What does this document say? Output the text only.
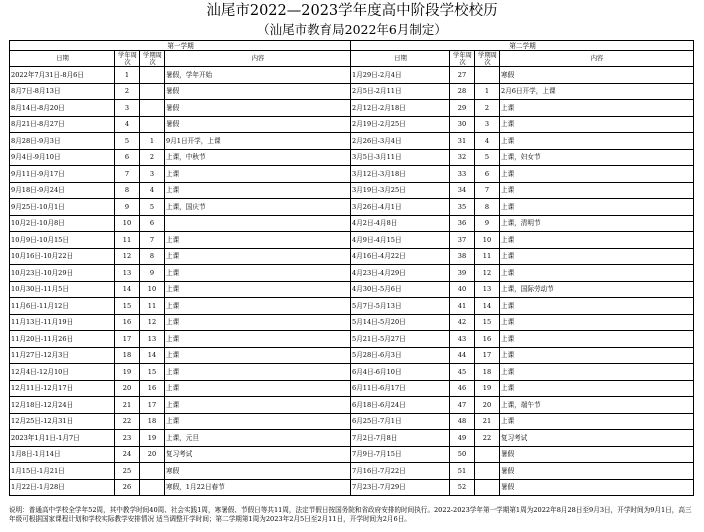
汕尾市2022—2023学年度高中阶段学校校历
（汕尾市教育局2022年6月制定）
第一学期				第二学期			
日期	学年周次	学期周次	内容	日期	学年周次	学期周次	内容
2022年7月31日-8月6日	1		暑假，学年开始	1月29日-2月4日	27		寒假
8月7日-8月13日	2		暑假	2月5日-2月11日	28	1	2月6日开学，上课
8月14日-8月20日	3		暑假	2月12日-2月18日	29	2	上课
8月21日-8月27日	4		暑假	2月19日-2月25日	30	3	上课
8月28日-9月3日	5	1	9月1日开学，上课	2月26日-3月4日	31	4	上课
9月4日-9月10日	6	2	上课，中秋节	3月5日-3月11日	32	5	上课，妇女节
9月11日-9月17日	7	3	上课	3月12日-3月18日	33	6	上课
9月18日-9月24日	8	4	上课	3月19日-3月25日	34	7	上课
9月25日-10月1日	9	5	上课，国庆节	3月26日-4月1日	35	8	上课
10月2日-10月8日	10	6		4月2日-4月8日	36	9	上课，清明节
10月9日-10月15日	11	7	上课	4月9日-4月15日	37	10	上课
10月16日-10月22日	12	8	上课	4月16日-4月22日	38	11	上课
10月23日-10月29日	13	9	上课	4月23日-4月29日	39	12	上课
10月30日-11月5日	14	10	上课	4月30日-5月6日	40	13	上课，国际劳动节
11月6日-11月12日	15	11	上课	5月7日-5月13日	41	14	上课
11月13日-11月19日	16	12	上课	5月14日-5月20日	42	15	上课
11月20日-11月26日	17	13	上课	5月21日-5月27日	43	16	上课
11月27日-12月3日	18	14	上课	5月28日-6月3日	44	17	上课
12月4日-12月10日	19	15	上课	6月4日-6月10日	45	18	上课
12月11日-12月17日	20	16	上课	6月11日-6月17日	46	19	上课
12月18日-12月24日	21	17	上课	6月18日-6月24日	47	20	上课，端午节
12月25日-12月31日	22	18	上课	6月25日-7月1日	48	21	上课
2023年1月1日-1月7日	23	19	上课，元旦	7月2日-7月8日	49	22	复习考试
1月8日-1月14日	24	20	复习考试	7月9日-7月15日	50		暑假
1月15日-1月21日	25		寒假	7月16日-7月22日	51		暑假
1月22日-1月28日	26		寒假，1月22日春节	7月23日-7月29日	52		暑假
说明：普通高中学校全学年52周，其中教学时间40周、社会实践1周，寒暑假、节假日等共11周，法定节假日按国务院和省政府安排的时间执行。2022-2023学年第一学期第1周为2022年8月28日至9月3日，开学时间为9月1日，高三年级可根据国家课程计划和学校实际教学安排情况 适当调整开学时间；第二学期第1周为2023年2月5日至2月11日，开学时间为2月6日。
